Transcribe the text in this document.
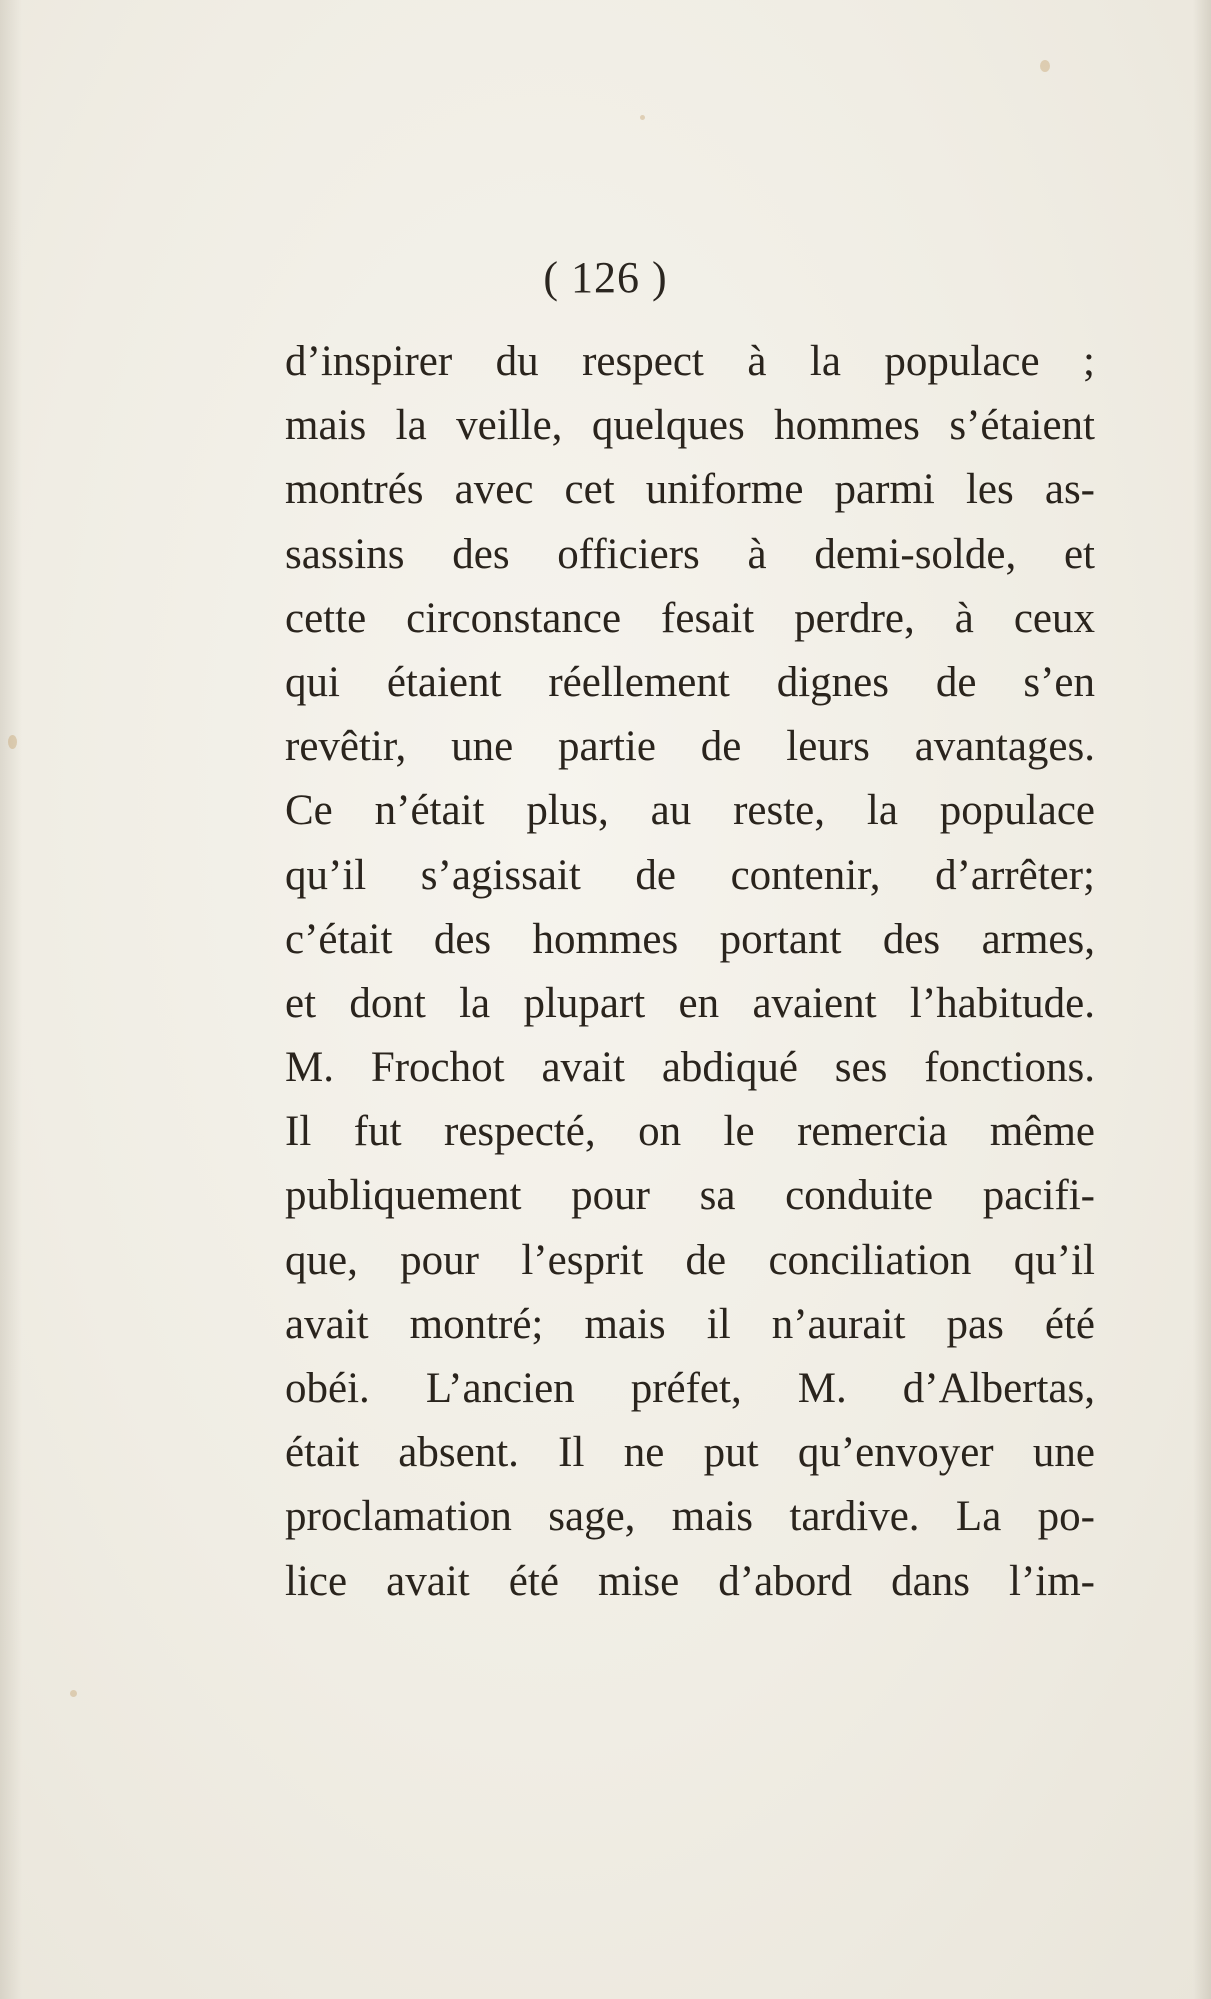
( 126 )
d’inspirer du respect à la populace ;
mais la veille, quelques hommes s’étaient
montrés avec cet uniforme parmi les as-
sassins des officiers à demi-solde, et
cette circonstance fesait perdre, à ceux
qui étaient réellement dignes de s’en
revêtir, une partie de leurs avantages.
Ce n’était plus, au reste, la populace
qu’il s’agissait de contenir, d’arrêter;
c’était des hommes portant des armes,
et dont la plupart en avaient l’habitude.
M. Frochot avait abdiqué ses fonctions.
Il fut respecté, on le remercia même
publiquement pour sa conduite pacifi-
que, pour l’esprit de conciliation qu’il
avait montré; mais il n’aurait pas été
obéi. L’ancien préfet, M. d’Albertas,
était absent. Il ne put qu’envoyer une
proclamation sage, mais tardive. La po-
lice avait été mise d’abord dans l’im-
